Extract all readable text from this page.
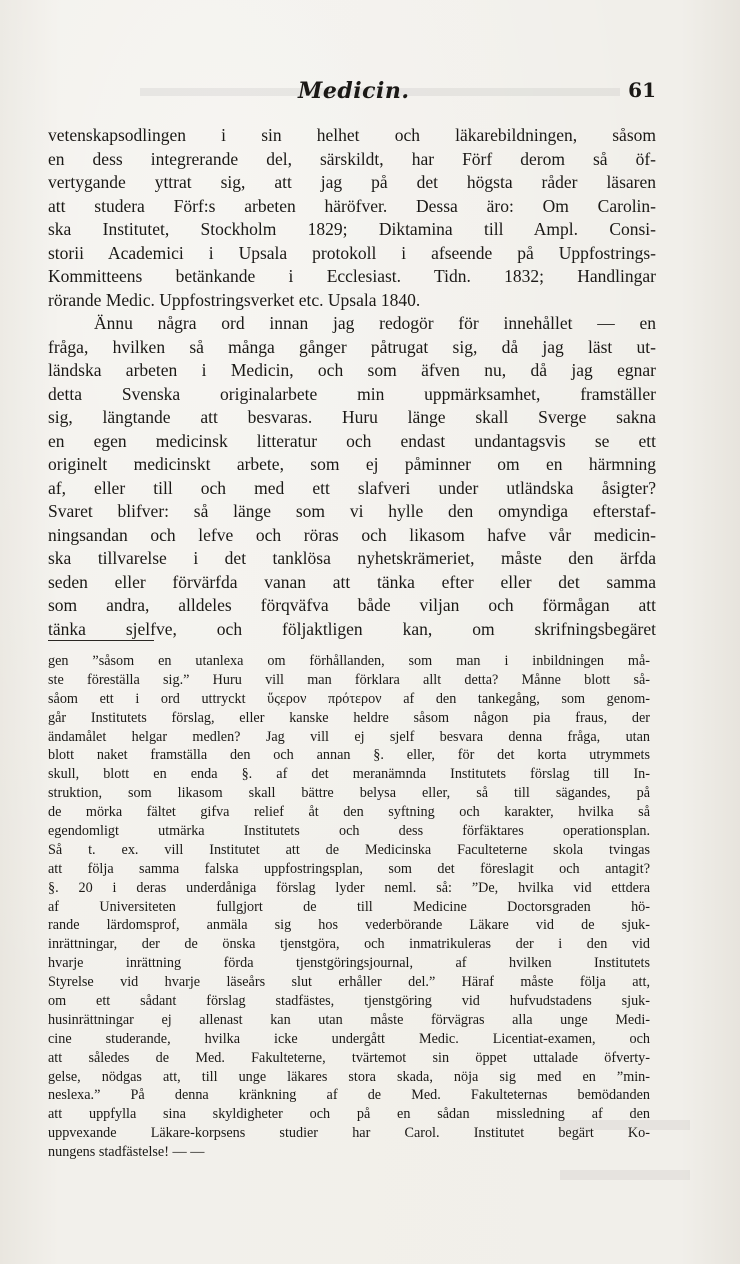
Medicin.	61
vetenskapsodlingen i sin helhet och läkarebildningen, såsom
en dess integrerande del, särskildt, har Förf derom så öf-
vertygande yttrat sig, att jag på det högsta råder läsaren
att studera Förf:s arbeten häröfver. Dessa äro: Om Carolin-
ska Institutet, Stockholm 1829; Diktamina till Ampl. Consi-
storii Academici i Upsala protokoll i afseende på Uppfostrings-
Kommitteens betänkande i Ecclesiast. Tidn. 1832; Handlingar
rörande Medic. Uppfostringsverket etc. Upsala 1840.
Ännu några ord innan jag redogör för innehållet — en
fråga, hvilken så många gånger påtrugat sig, då jag läst ut-
ländska arbeten i Medicin, och som äfven nu, då jag egnar
detta Svenska originalarbete min uppmärksamhet, framställer
sig, längtande att besvaras. Huru länge skall Sverge sakna
en egen medicinsk litteratur och endast undantagsvis se ett
originelt medicinskt arbete, som ej påminner om en härmning
af, eller till och med ett slafveri under utländska åsigter?
Svaret blifver: så länge som vi hylle den omyndiga efterstaf-
ningsandan och lefve och röras och likasom hafve vår medicin-
ska tillvarelse i det tanklösa nyhetskrämeriet, måste den ärfda
seden eller förvärfda vanan att tänka efter eller det samma
som andra, alldeles förqväfva både viljan och förmågan att
tänka sjelfve, och följaktligen kan, om skrifningsbegäret
gen ”såsom en utanlexa om förhållanden, som man i inbildningen må-
ste föreställa sig.” Huru vill man förklara allt detta? Månne blott så-
såom ett i ord uttryckt ὕςερον πρότερον af den tankegång, som genom-
går Institutets förslag, eller kanske heldre såsom någon pia fraus, der
ändamålet helgar medlen? Jag vill ej sjelf besvara denna fråga, utan
blott naket framställa den och annan §. eller, för det korta utrymmets
skull, blott en enda §. af det meranämnda Institutets förslag till In-
struktion, som likasom skall bättre belysa eller, så till sägandes, på
de mörka fältet gifva relief åt den syftning och karakter, hvilka så
egendomligt utmärka Institutets och dess förfäktares operationsplan.
Så t. ex. vill Institutet att de Medicinska Faculteterne skola tvingas
att följa samma falska uppfostringsplan, som det föreslagit och antagit?
§. 20 i deras underdåniga förslag lyder neml. så: ”De, hvilka vid ettdera
af Universiteten fullgjort de till Medicine Doctorsgraden hö-
rande lärdomsprof, anmäla sig hos vederbörande Läkare vid de sjuk-
inrättningar, der de önska tjenstgöra, och inmatrikuleras der i den vid
hvarje inrättning förda tjenstgöringsjournal, af hvilken Institutets
Styrelse vid hvarje läseårs slut erhåller del.” Häraf måste följa att,
om ett sådant förslag stadfästes, tjenstgöring vid hufvudstadens sjuk-
husinrättningar ej allenast kan utan måste förvägras alla unge Medi-
cine studerande, hvilka icke undergått Medic. Licentiat-examen, och
att således de Med. Fakulteterne, tvärtemot sin öppet uttalade öfverty-
gelse, nödgas att, till unge läkares stora skada, nöja sig med en ”min-
neslexa.” På denna kränkning af de Med. Fakulteternas bemödanden
att uppfylla sina skyldigheter och på en sådan missledning af den
uppvexande Läkare-korpsens studier har Carol. Institutet begärt Ko-
nungens stadfästelse! — —
